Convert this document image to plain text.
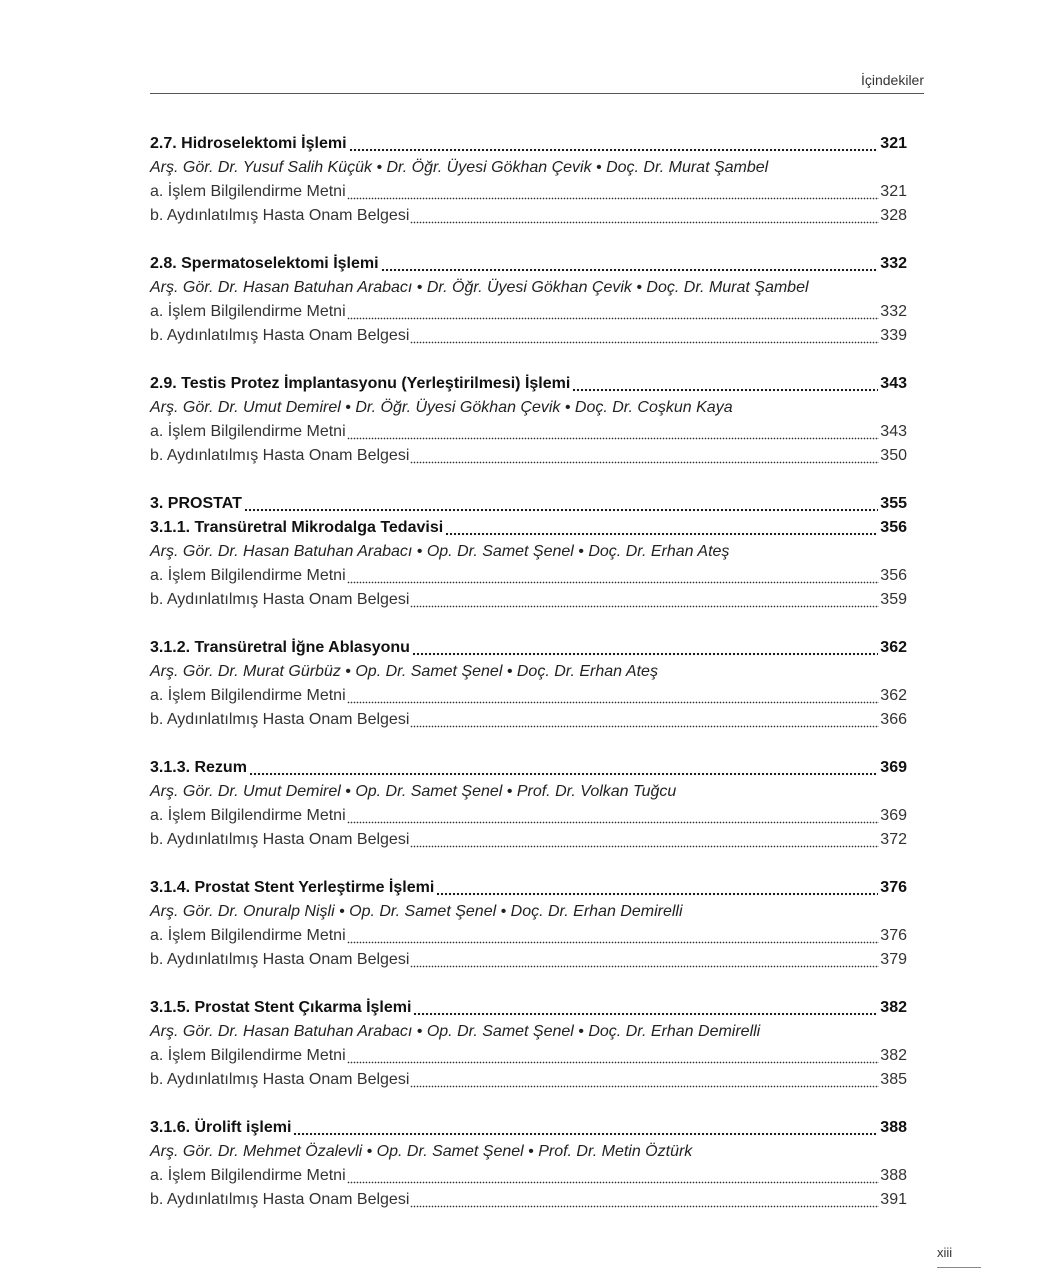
İçindekiler
2.7. Hidroselektomi İşlemi	321
Arş. Gör. Dr. Yusuf Salih Küçük • Dr. Öğr. Üyesi Gökhan Çevik • Doç. Dr. Murat Şambel
a. İşlem Bilgilendirme Metni	321
b. Aydınlatılmış Hasta Onam Belgesi	328
2.8. Spermatoselektomi İşlemi	332
Arş. Gör. Dr. Hasan Batuhan Arabacı • Dr. Öğr. Üyesi Gökhan Çevik • Doç. Dr. Murat Şambel
a. İşlem Bilgilendirme Metni	332
b. Aydınlatılmış Hasta Onam Belgesi	339
2.9. Testis Protez İmplantasyonu (Yerleştirilmesi) İşlemi	343
Arş. Gör. Dr. Umut Demirel • Dr. Öğr. Üyesi Gökhan Çevik • Doç. Dr. Coşkun Kaya
a. İşlem Bilgilendirme Metni	343
b. Aydınlatılmış Hasta Onam Belgesi	350
3. PROSTAT	355
3.1.1. Transüretral Mikrodalga Tedavisi	356
Arş. Gör. Dr. Hasan Batuhan Arabacı • Op. Dr. Samet Şenel • Doç. Dr. Erhan Ateş
a. İşlem Bilgilendirme Metni	356
b. Aydınlatılmış Hasta Onam Belgesi	359
3.1.2. Transüretral İğne Ablasyonu	362
Arş. Gör. Dr. Murat Gürbüz • Op. Dr. Samet Şenel • Doç. Dr. Erhan Ateş
a. İşlem Bilgilendirme Metni	362
b. Aydınlatılmış Hasta Onam Belgesi	366
3.1.3. Rezum	369
Arş. Gör. Dr. Umut Demirel • Op. Dr. Samet Şenel • Prof. Dr. Volkan Tuğcu
a. İşlem Bilgilendirme Metni	369
b. Aydınlatılmış Hasta Onam Belgesi	372
3.1.4. Prostat Stent Yerleştirme İşlemi	376
Arş. Gör. Dr. Onuralp Nişli • Op. Dr. Samet Şenel • Doç. Dr. Erhan Demirelli
a. İşlem Bilgilendirme Metni	376
b. Aydınlatılmış Hasta Onam Belgesi	379
3.1.5. Prostat Stent Çıkarma İşlemi	382
Arş. Gör. Dr. Hasan Batuhan Arabacı • Op. Dr. Samet Şenel • Doç. Dr. Erhan Demirelli
a. İşlem Bilgilendirme Metni	382
b. Aydınlatılmış Hasta Onam Belgesi	385
3.1.6. Ürolift işlemi	388
Arş. Gör. Dr. Mehmet Özalevli • Op. Dr. Samet Şenel • Prof. Dr. Metin Öztürk
a. İşlem Bilgilendirme Metni	388
b. Aydınlatılmış Hasta Onam Belgesi	391
xiii
